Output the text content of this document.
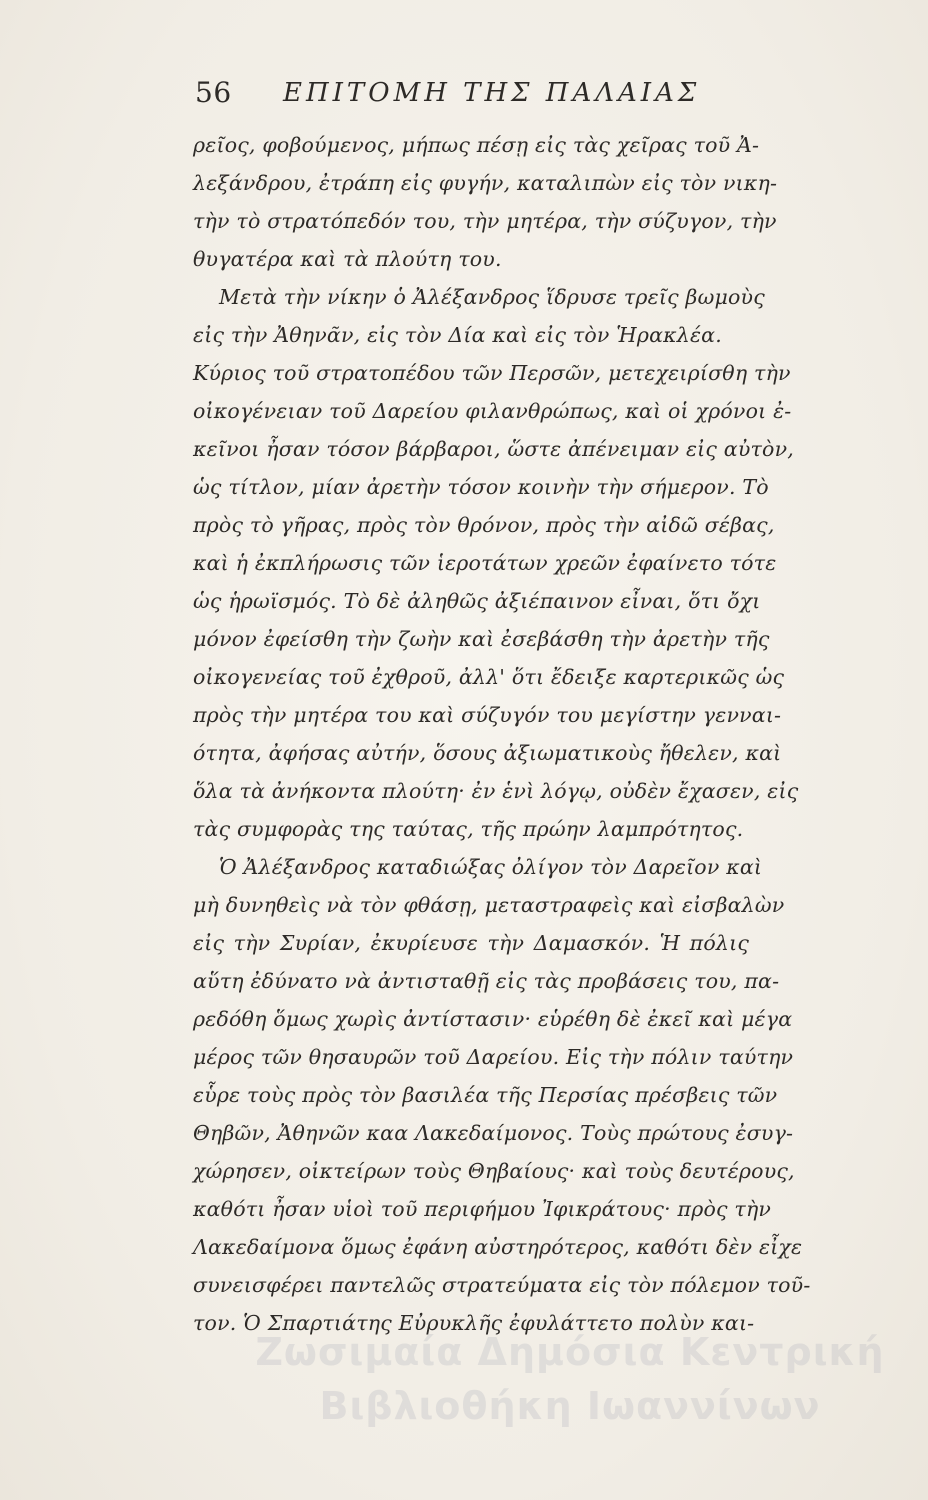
56 ΕΠΙΤΟΜΗ ΤΗΣ ΠΑΛΑΙΑΣ
ρεῖος, φοβούμενος, μήπως πέσῃ εἰς τὰς χεῖρας τοῦ Ἀ-
λεξάνδρου, ἐτράπη εἰς φυγήν, καταλιπὼν εἰς τὸν νικη-
τὴν τὸ στρατόπεδόν του, τὴν μητέρα, τὴν σύζυγον, τὴν
θυγατέρα καὶ τὰ πλούτη του.
Μετὰ τὴν νίκην ὁ Ἀλέξανδρος ἵδρυσε τρεῖς βωμοὺς
εἰς τὴν Ἀθηνᾶν, εἰς τὸν Δία καὶ εἰς τὸν Ἡρακλέα.
Κύριος τοῦ στρατοπέδου τῶν Περσῶν, μετεχειρίσθη τὴν
οἰκογένειαν τοῦ Δαρείου φιλανθρώπως, καὶ οἱ χρόνοι ἐ-
κεῖνοι ἦσαν τόσον βάρβαροι, ὥστε ἀπένειμαν εἰς αὐτὸν,
ὡς τίτλον, μίαν ἀρετὴν τόσον κοινὴν τὴν σήμερον. Τὸ
πρὸς τὸ γῆρας, πρὸς τὸν θρόνον, πρὸς τὴν αἰδῶ σέβας,
καὶ ἡ ἐκπλήρωσις τῶν ἱεροτάτων χρεῶν ἐφαίνετο τότε
ὡς ἡρωϊσμός. Τὸ δὲ ἀληθῶς ἀξιέπαινον εἶναι, ὅτι ὄχι
μόνον ἐφείσθη τὴν ζωὴν καὶ ἐσεβάσθη τὴν ἀρετὴν τῆς
οἰκογενείας τοῦ ἐχθροῦ, ἀλλ' ὅτι ἔδειξε καρτερικῶς ὡς
πρὸς τὴν μητέρα του καὶ σύζυγόν του μεγίστην γενναι-
ότητα, ἀφήσας αὐτήν, ὅσους ἀξιωματικοὺς ἤθελεν, καὶ
ὅλα τὰ ἀνήκοντα πλούτη· ἐν ἑνὶ λόγῳ, οὐδὲν ἔχασεν, εἰς
τὰς συμφορὰς της ταύτας, τῆς πρώην λαμπρότητος.
Ὁ Ἀλέξανδρος καταδιώξας ὀλίγον τὸν Δαρεῖον καὶ
μὴ δυνηθεὶς νὰ τὸν φθάσῃ, μεταστραφεὶς καὶ εἰσβαλὼν
εἰς τὴν Συρίαν, ἐκυρίευσε τὴν Δαμασκόν. Ἡ πόλις
αὕτη ἐδύνατο νὰ ἀντισταθῇ εἰς τὰς προβάσεις του, πα-
ρεδόθη ὅμως χωρὶς ἀντίστασιν· εὑρέθη δὲ ἐκεῖ καὶ μέγα
μέρος τῶν θησαυρῶν τοῦ Δαρείου. Εἰς τὴν πόλιν ταύτην
εὗρε τοὺς πρὸς τὸν βασιλέα τῆς Περσίας πρέσβεις τῶν
Θηβῶν, Ἀθηνῶν καα Λακεδαίμονος. Τοὺς πρώτους ἐσυγ-
χώρησεν, οἰκτείρων τοὺς Θηβαίους· καὶ τοὺς δευτέρους,
καθότι ἦσαν υἱοὶ τοῦ περιφήμου Ἰφικράτους· πρὸς τὴν
Λακεδαίμονα ὅμως ἐφάνη αὐστηρότερος, καθότι δὲν εἶχε
συνεισφέρει παντελῶς στρατεύματα εἰς τὸν πόλεμον τοῦ-
τον. Ὁ Σπαρτιάτης Εὐρυκλῆς ἐφυλάττετο πολὺν και-
Ζωσιμαία Δημόσια Κεντρική
Βιβλιοθήκη Ιωαννίνων
